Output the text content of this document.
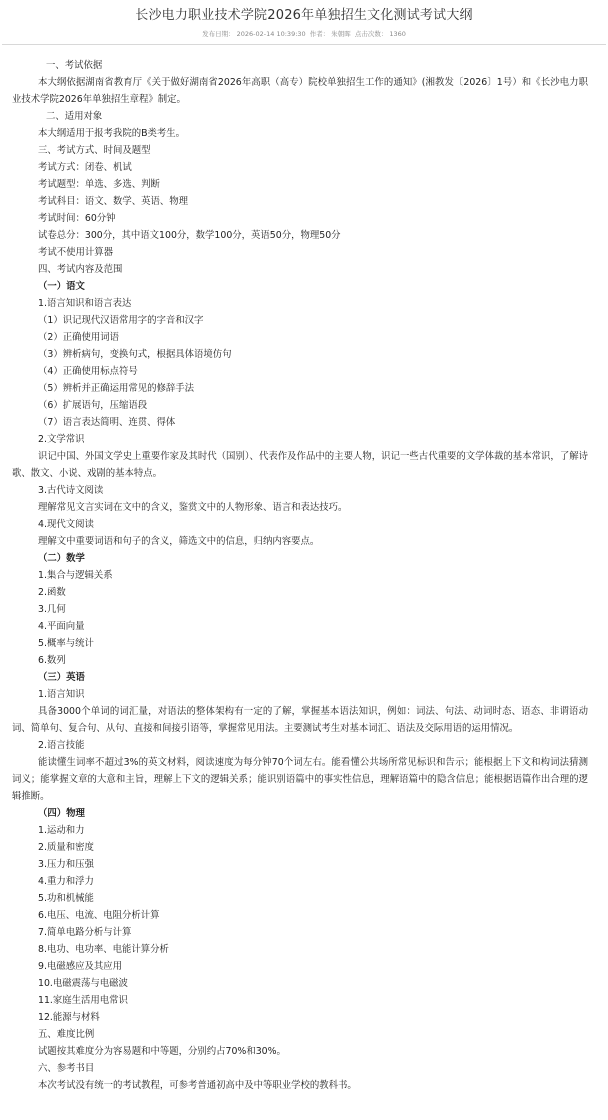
长沙电力职业技术学院2026年单独招生文化测试考试大纲
发布日期： 2026-02-14 10:39:30 作者： 朱朝晖 点击次数： 1360

一、考试依据

本大纲依据湖南省教育厅《关于做好湖南省2026年高职（高专）院校单独招生工作的通知》(湘教发〔2026〕1号）和《长沙电力职业技术学院2026年单独招生章程》制定。

二、适用对象

本大纲适用于报考我院的B类考生。

三、考试方式、时间及题型

考试方式：闭卷、机试

考试题型：单选、多选、判断

考试科目：语文、数学、英语、物理

考试时间：60分钟

试卷总分：300分，其中语文100分，数学100分，英语50分，物理50分

考试不使用计算器

四、考试内容及范围

（一）语文

1.语言知识和语言表达

（1）识记现代汉语常用字的字音和汉字

（2）正确使用词语

（3）辨析病句，变换句式，根据具体语境仿句

（4）正确使用标点符号

（5）辨析并正确运用常见的修辞手法

（6）扩展语句，压缩语段

（7）语言表达简明、连贯、得体

2.文学常识

识记中国、外国文学史上重要作家及其时代（国别）、代表作及作品中的主要人物，识记一些古代重要的文学体裁的基本常识，了解诗歌、散文、小说、戏剧的基本特点。

3.古代诗文阅读

理解常见文言实词在文中的含义，鉴赏文中的人物形象、语言和表达技巧。

4.现代文阅读

理解文中重要词语和句子的含义，筛选文中的信息，归纳内容要点。

（二）数学

1.集合与逻辑关系

2.函数

3.几何

4.平面向量

5.概率与统计

6.数列

（三）英语

1.语言知识

具备3000个单词的词汇量，对语法的整体架构有一定的了解，掌握基本语法知识，例如：词法、句法、动词时态、语态、非谓语动词、简单句、复合句、从句、直接和间接引语等，掌握常见用法。主要测试考生对基本词汇、语法及交际用语的运用情况。

2.语言技能

能读懂生词率不超过3%的英文材料，阅读速度为每分钟70个词左右。能看懂公共场所常见标识和告示；能根据上下文和构词法猜测词义；能掌握文章的大意和主旨，理解上下文的逻辑关系；能识别语篇中的事实性信息，理解语篇中的隐含信息；能根据语篇作出合理的逻辑推断。

（四）物理

1.运动和力

2.质量和密度

3.压力和压强

4.重力和浮力

5.功和机械能

6.电压、电流、电阻分析计算

7.简单电路分析与计算

8.电功、电功率、电能计算分析

9.电磁感应及其应用

10.电磁震荡与电磁波

11.家庭生活用电常识

12.能源与材料

五、难度比例

试题按其难度分为容易题和中等题，分别约占70%和30%。

六、参考书目

本次考试没有统一的考试教程，可参考普通初高中及中等职业学校的教科书。
